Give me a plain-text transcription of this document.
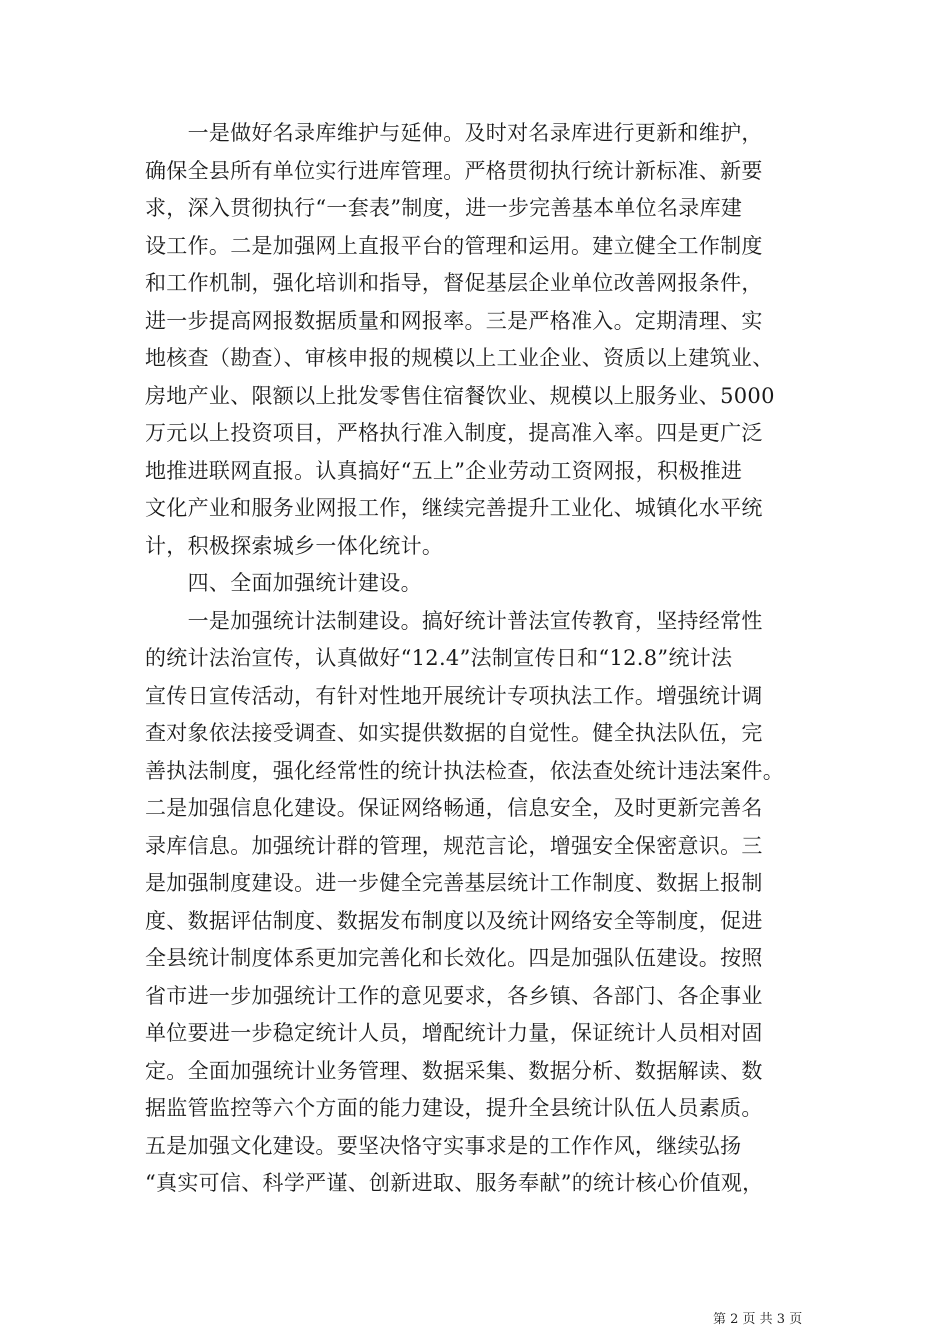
　　一是做好名录库维护与延伸。及时对名录库进行更新和维护，
确保全县所有单位实行进库管理。严格贯彻执行统计新标准、新要
求，深入贯彻执行“一套表”制度，进一步完善基本单位名录库建
设工作。二是加强网上直报平台的管理和运用。建立健全工作制度
和工作机制，强化培训和指导，督促基层企业单位改善网报条件，
进一步提高网报数据质量和网报率。三是严格准入。定期清理、实
地核查（勘查）、审核申报的规模以上工业企业、资质以上建筑业、
房地产业、限额以上批发零售住宿餐饮业、规模以上服务业、5000
万元以上投资项目，严格执行准入制度，提高准入率。四是更广泛
地推进联网直报。认真搞好“五上”企业劳动工资网报，积极推进
文化产业和服务业网报工作，继续完善提升工业化、城镇化水平统
计，积极探索城乡一体化统计。
　　四、全面加强统计建设。
　　一是加强统计法制建设。搞好统计普法宣传教育，坚持经常性
的统计法治宣传，认真做好“12.4”法制宣传日和“12.8”统计法
宣传日宣传活动，有针对性地开展统计专项执法工作。增强统计调
查对象依法接受调查、如实提供数据的自觉性。健全执法队伍，完
善执法制度，强化经常性的统计执法检查，依法查处统计违法案件。
二是加强信息化建设。保证网络畅通，信息安全，及时更新完善名
录库信息。加强统计群的管理，规范言论，增强安全保密意识。三
是加强制度建设。进一步健全完善基层统计工作制度、数据上报制
度、数据评估制度、数据发布制度以及统计网络安全等制度，促进
全县统计制度体系更加完善化和长效化。四是加强队伍建设。按照
省市进一步加强统计工作的意见要求，各乡镇、各部门、各企事业
单位要进一步稳定统计人员，增配统计力量，保证统计人员相对固
定。全面加强统计业务管理、数据采集、数据分析、数据解读、数
据监管监控等六个方面的能力建设，提升全县统计队伍人员素质。
五是加强文化建设。要坚决恪守实事求是的工作作风，继续弘扬
“真实可信、科学严谨、创新进取、服务奉献”的统计核心价值观，
第 2 页 共 3 页
